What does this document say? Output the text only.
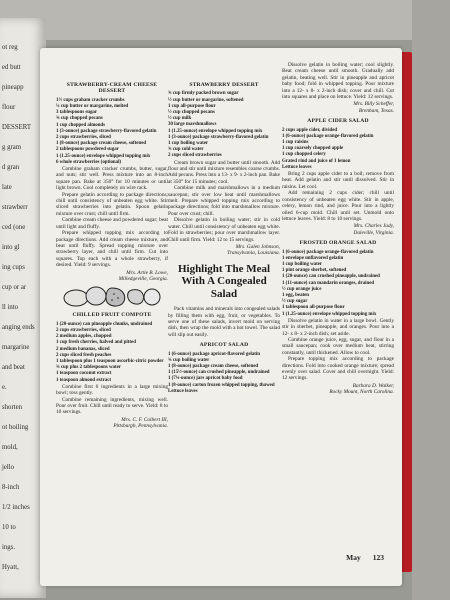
ot reg
ed butt
pineapp
flour
DESSERT
g gram
d gran
late
strawberr
ced (one
into gl
ing cups
cup or ar
ll into
anging ends
margarine
and beat
e.
shorten
ot boiling
mold,
jello
8-inch
1/2 inches
10 to
ings.
Hyatt,
STRAWBERRY-CREAM CHEESE DESSERT
1½ cups graham cracker crumbs
¼ cup butter or margarine, melted
3 tablespoons sugar
¾ cup chopped pecans
1 cup chopped almonds
1 (3-ounce) package strawberry-flavored gelatin
2 cups strawberries, sliced
1 (8-ounce) package cream cheese, softened
2 tablespoons powdered sugar
1 (1.25-ounce) envelope whipped topping mix
6 whole strawberries (optional)

Combine graham cracker crumbs, butter, sugar, and nuts; stir well. Press mixture into an 8-inch square pan. Bake at 350° for 10 minutes or until light brown. Cool completely on wire rack.

Prepare gelatin according to package directions; chill until consistency of unbeaten egg white. Stir sliced strawberries into gelatin. Spoon gelatin mixture over crust; chill until firm.

Combine cream cheese and powdered sugar; beat until light and fluffy.

Prepare whipped topping mix according to package directions. Add cream cheese mixture, and beat until fluffy. Spread topping mixture over strawberry layer, and chill until firm. Cut into squares. Top each with a whole strawberry, if desired. Yield: 9 servings.

Mrs. Artie B. Lowe,
Milledgeville, Georgia.
CHILLED FRUIT COMPOTE
1 (20-ounce) can pineapple chunks, undrained
2 cups strawberries, sliced
2 medium apples, chopped
1 cup fresh cherries, halved and pitted
2 medium bananas, sliced
2 cups sliced fresh peaches
1 tablespoon plus 1 teaspoon ascorbic-citric powder
¾ cup plus 2 tablespoons water
1 teaspoon coconut extract
1 teaspoon almond extract

Combine first 6 ingredients in a large mixing bowl; toss gently.

Combine remaining ingredients, mixing well. Pour over fruit. Chill until ready to serve. Yield: 8 to 10 servings.

Mrs. C. F. Colbert III,
Pittsburgh, Pennsylvania.
STRAWBERRY DESSERT
¾ cup firmly packed brown sugar
½ cup butter or margarine, softened
1 cup all-purpose flour
½ cup chopped pecans
½ cup milk
30 large marshmallows
1 (1.25-ounce) envelope whipped topping mix
1 (3-ounce) package strawberry-flavored gelatin
1 cup boiling water
¾ cup cold water
2 cups sliced strawberries

Cream brown sugar and butter until smooth. Add flour and stir until mixture resembles coarse crumbs. Add pecans. Press into a 13- x 9- x 2-inch pan. Bake at 350° for 15 minutes; cool.

Combine milk and marshmallows in a medium saucepan; stir over low heat until marshmallows melt. Prepare whipped topping mix according to package directions; fold into marshmallow mixture. Pour over crust; chill.

Dissolve gelatin in boiling water; stir in cold water. Chill until consistency of unbeaten egg white. Fold in strawberries; pour over marshmallow layer. Chill until firm. Yield: 12 to 15 servings.

Mrs. Galen Johnson,
Transylvania, Louisiana.
Highlight The Meal With A Congealed Salad

Pack vitamins and minerals into congealed salads by filling them with egg, fruit, or vegetables. To serve one of these salads, invert mold on serving dish, then wrap the mold with a hot towel. The salad will slip out easily.

APRICOT SALAD
1 (6-ounce) package apricot-flavored gelatin
¾ cup boiling water
1 (8-ounce) package cream cheese, softened
1 (15½-ounce) can crushed pineapple, undrained
1 (7¾-ounce) jars apricot baby food
1 (8-ounce) carton frozen whipped topping, thawed
Lettuce leaves

Dissolve gelatin in boiling water; cool slightly. Beat cream cheese until smooth. Gradually add gelatin, beating well. Stir in pineapple and apricot baby food; fold in whipped topping. Pour mixture into a 12- x 8- x 2-inch dish; cover and chill. Cut into squares and place on lettuce. Yield: 12 servings.

Mrs. Billy Scheffer,
Brenham, Texas.
APPLE CIDER SALAD
2 cups apple cider, divided
1 (6-ounce) package orange-flavored gelatin
1 cup raisins
1 cup coarsely chopped apple
1 cup chopped celery
Grated rind and juice of 1 lemon
Lettuce leaves

Bring 2 cups apple cider to a boil; remove from heat. Add gelatin and stir until dissolved. Stir in raisins. Let cool.

Add remaining 2 cups cider; chill until consistency of unbeaten egg white. Stir in apple, celery, lemon rind, and juice. Pour into a lightly oiled 6-cup mold. Chill until set. Unmold onto lettuce leaves. Yield: 8 to 10 servings.

Mrs. Charles Judy,
Daleville, Virginia.
FROSTED ORANGE SALAD
1 (6-ounce) package orange-flavored gelatin
1 envelope unflavored gelatin
1 cup boiling water
1 pint orange sherbet, softened
1 (20-ounce) can crushed pineapple, undrained
1 (11-ounce) can mandarin oranges, drained
½ cup orange juice
1 egg, beaten
½ cup sugar
1 tablespoon all-purpose flour
1 (1.25-ounce) envelope whipped topping mix

Dissolve gelatin in water in a large bowl. Gently stir in sherbet, pineapple, and oranges. Pour into a 12- x 8- x 2-inch dish; set aside.

Combine orange juice, egg, sugar, and flour in a small saucepan; cook over medium heat, stirring constantly, until thickened. Allow to cool.

Prepare topping mix according to package directions. Fold into cooked orange mixture; spread evenly over salad. Cover and chill overnight. Yield: 12 servings.

Barbara D. Walker,
Rocky Mount, North Carolina.
May 123
